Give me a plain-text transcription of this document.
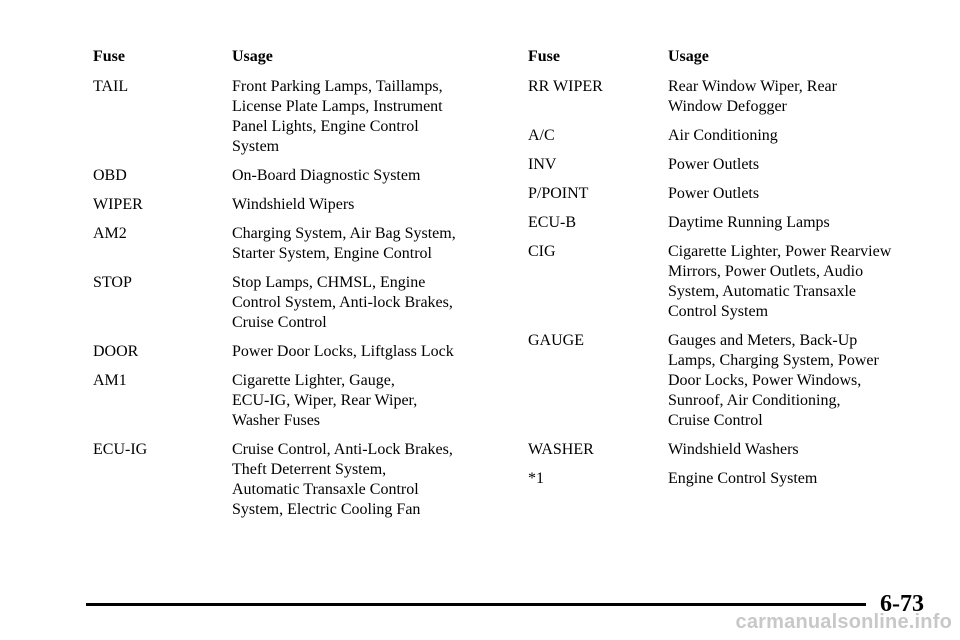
Fuse	Usage
TAIL	Front Parking Lamps, Taillamps,
License Plate Lamps, Instrument
Panel Lights, Engine Control
System
OBD	On‐Board Diagnostic System
WIPER	Windshield Wipers
AM2	Charging System, Air Bag System,
Starter System, Engine Control
STOP	Stop Lamps, CHMSL, Engine
Control System, Anti‐lock Brakes,
Cruise Control
DOOR	Power Door Locks, Liftglass Lock
AM1	Cigarette Lighter, Gauge,
ECU‐IG, Wiper, Rear Wiper,
Washer Fuses
ECU‐IG	Cruise Control, Anti‐Lock Brakes,
Theft Deterrent System,
Automatic Transaxle Control
System, Electric Cooling Fan
Fuse	Usage
RR WIPER	Rear Window Wiper, Rear
Window Defogger
A/C	Air Conditioning
INV	Power Outlets
P/POINT	Power Outlets
ECU‐B	Daytime Running Lamps
CIG	Cigarette Lighter, Power Rearview
Mirrors, Power Outlets, Audio
System, Automatic Transaxle
Control System
GAUGE	Gauges and Meters, Back‐Up
Lamps, Charging System, Power
Door Locks, Power Windows,
Sunroof, Air Conditioning,
Cruise Control
WASHER	Windshield Washers
*1	Engine Control System
6-73
carmanualsonline.info
